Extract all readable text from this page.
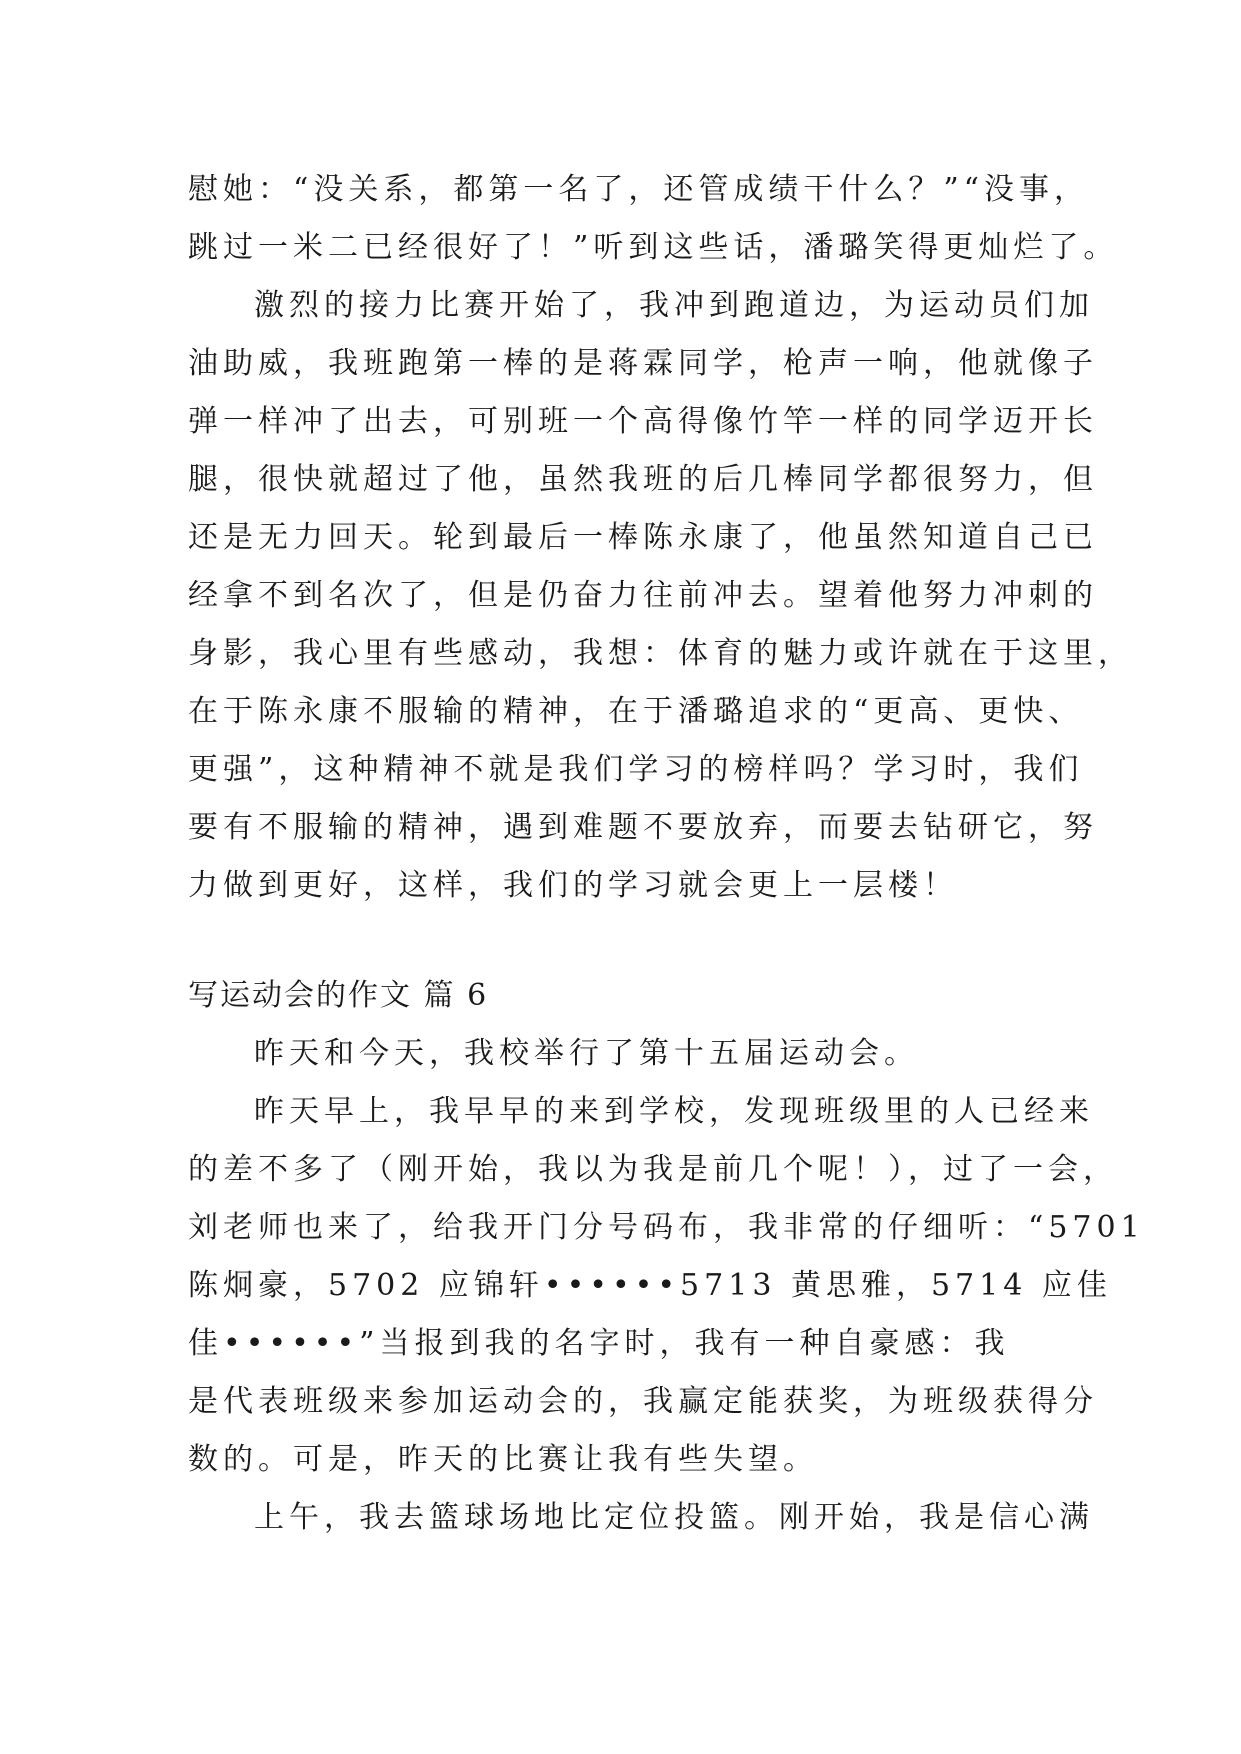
慰她：“没关系，都第一名了，还管成绩干什么？”“没事，
跳过一米二已经很好了！”听到这些话，潘璐笑得更灿烂了。
激烈的接力比赛开始了，我冲到跑道边，为运动员们加
油助威，我班跑第一棒的是蒋霖同学，枪声一响，他就像子
弹一样冲了出去，可别班一个高得像竹竿一样的同学迈开长
腿，很快就超过了他，虽然我班的后几棒同学都很努力，但
还是无力回天。轮到最后一棒陈永康了，他虽然知道自己已
经拿不到名次了，但是仍奋力往前冲去。望着他努力冲刺的
身影，我心里有些感动，我想：体育的魅力或许就在于这里，
在于陈永康不服输的精神，在于潘璐追求的“更高、更快、
更强”，这种精神不就是我们学习的榜样吗？学习时，我们
要有不服输的精神，遇到难题不要放弃，而要去钻研它，努
力做到更好，这样，我们的学习就会更上一层楼！
写运动会的作文 篇 6
昨天和今天，我校举行了第十五届运动会。
昨天早上，我早早的来到学校，发现班级里的人已经来
的差不多了（刚开始，我以为我是前几个呢！），过了一会，
刘老师也来了，给我开门分号码布，我非常的仔细听：“5701
陈炯豪，5702 应锦轩••••••5713 黄思雅，5714 应佳
佳••••••”当报到我的名字时，我有一种自豪感：我
是代表班级来参加运动会的，我赢定能获奖，为班级获得分
数的。可是，昨天的比赛让我有些失望。
上午，我去篮球场地比定位投篮。刚开始，我是信心满
